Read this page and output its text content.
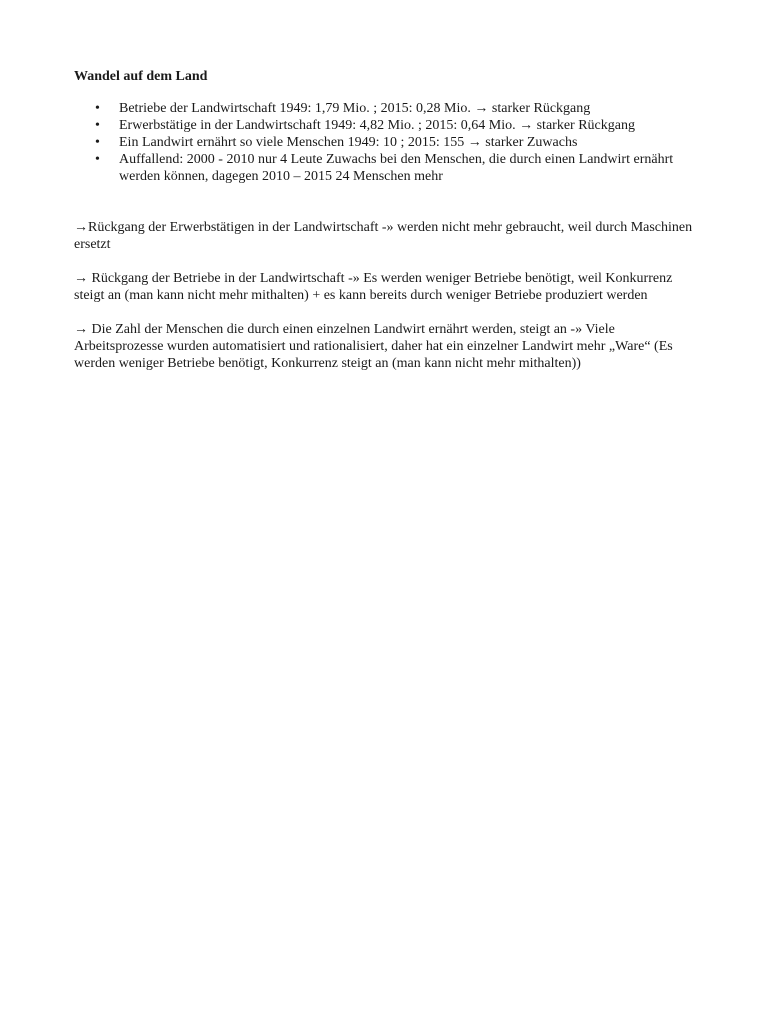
Wandel auf dem Land
• Betriebe der Landwirtschaft 1949: 1,79 Mio. ; 2015: 0,28 Mio. → starker Rückgang
• Erwerbstätige in der Landwirtschaft 1949: 4,82 Mio. ; 2015: 0,64 Mio. → starker Rückgang
• Ein Landwirt ernährt so viele Menschen 1949: 10 ; 2015: 155 → starker Zuwachs
• Auffallend: 2000 - 2010 nur 4 Leute Zuwachs bei den Menschen, die durch einen Landwirt ernährt werden können, dagegen 2010 – 2015 24 Menschen mehr

→Rückgang der Erwerbstätigen in der Landwirtschaft -» werden nicht mehr gebraucht, weil durch Maschinen ersetzt

→ Rückgang der Betriebe in der Landwirtschaft -» Es werden weniger Betriebe benötigt, weil Konkurrenz steigt an (man kann nicht mehr mithalten) + es kann bereits durch weniger Betriebe produziert werden

→ Die Zahl der Menschen die durch einen einzelnen Landwirt ernährt werden, steigt an -» Viele Arbeitsprozesse wurden automatisiert und rationalisiert, daher hat ein einzelner Landwirt mehr „Ware“ (Es werden weniger Betriebe benötigt, Konkurrenz steigt an (man kann nicht mehr mithalten))
